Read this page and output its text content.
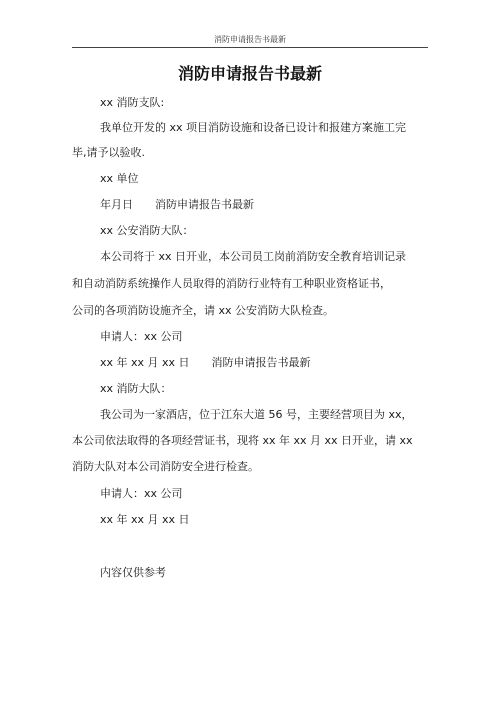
消防申请报告书最新
消防申请报告书最新

xx 消防支队:

我单位开发的 xx 项目消防设施和设备已设计和报建方案施工完

毕,请予以验收.

xx 单位

年月日 消防申请报告书最新

xx 公安消防大队：

本公司将于 xx 日开业，本公司员工岗前消防安全教育培训记录

和自动消防系统操作人员取得的消防行业特有工种职业资格证书，

公司的各项消防设施齐全，请 xx 公安消防大队检查。

申请人：xx 公司

xx 年 xx 月 xx 日 消防申请报告书最新

xx 消防大队：

我公司为一家酒店，位于江东大道 56 号，主要经营项目为 xx，

本公司依法取得的各项经营证书，现将 xx 年 xx 月 xx 日开业，请 xx

消防大队对本公司消防安全进行检查。

申请人：xx 公司

xx 年 xx 月 xx 日

内容仅供参考
